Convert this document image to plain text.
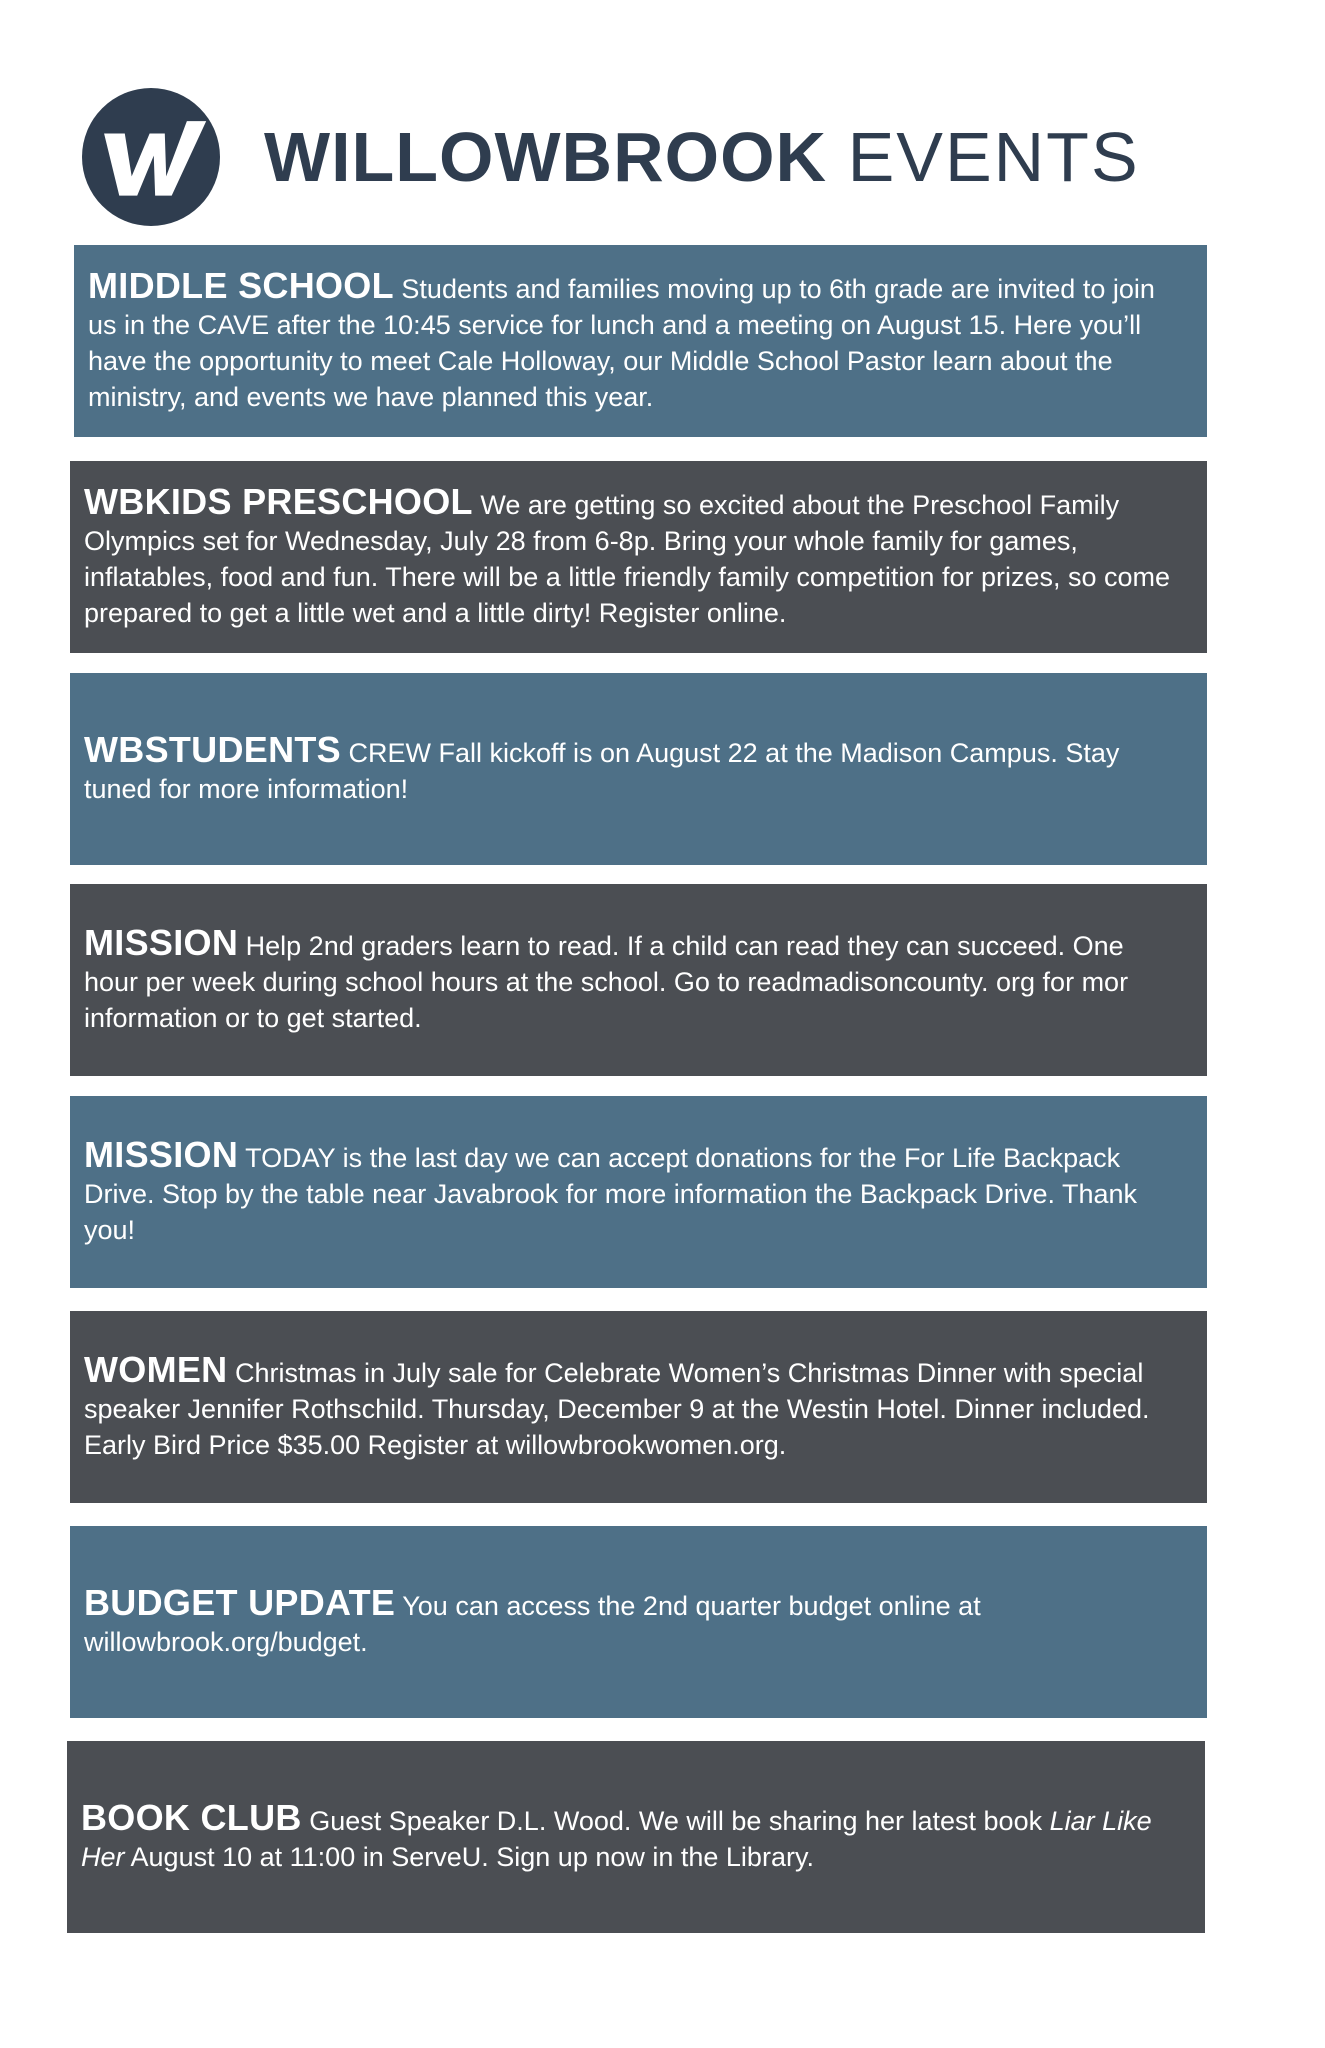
WILLOWBROOK EVENTS

MIDDLE SCHOOL Students and families moving up to 6th grade are invited to join us in the CAVE after the 10:45 service for lunch and a meeting on August 15. Here you’ll have the opportunity to meet Cale Holloway, our Middle School Pastor learn about the ministry, and events we have planned this year.

WBKIDS PRESCHOOL We are getting so excited about the Preschool Family Olympics set for Wednesday, July 28 from 6-8p. Bring your whole family for games, inflatables, food and fun. There will be a little friendly family competition for prizes, so come prepared to get a little wet and a little dirty! Register online.

WBSTUDENTS CREW Fall kickoff is on August 22 at the Madison Campus. Stay tuned for more information!

MISSION Help 2nd graders learn to read. If a child can read they can succeed. One hour per week during school hours at the school. Go to readmadisoncounty. org for mor information or to get started.

MISSION TODAY is the last day we can accept donations for the For Life Backpack Drive. Stop by the table near Javabrook for more information the Backpack Drive. Thank you!

WOMEN Christmas in July sale for Celebrate Women’s Christmas Dinner with special speaker Jennifer Rothschild. Thursday, December 9 at the Westin Hotel. Dinner included. Early Bird Price $35.00 Register at willowbrookwomen.org.

BUDGET UPDATE You can access the 2nd quarter budget online at willowbrook.org/budget.

BOOK CLUB Guest Speaker D.L. Wood. We will be sharing her latest book Liar Like Her August 10 at 11:00 in ServeU. Sign up now in the Library.
